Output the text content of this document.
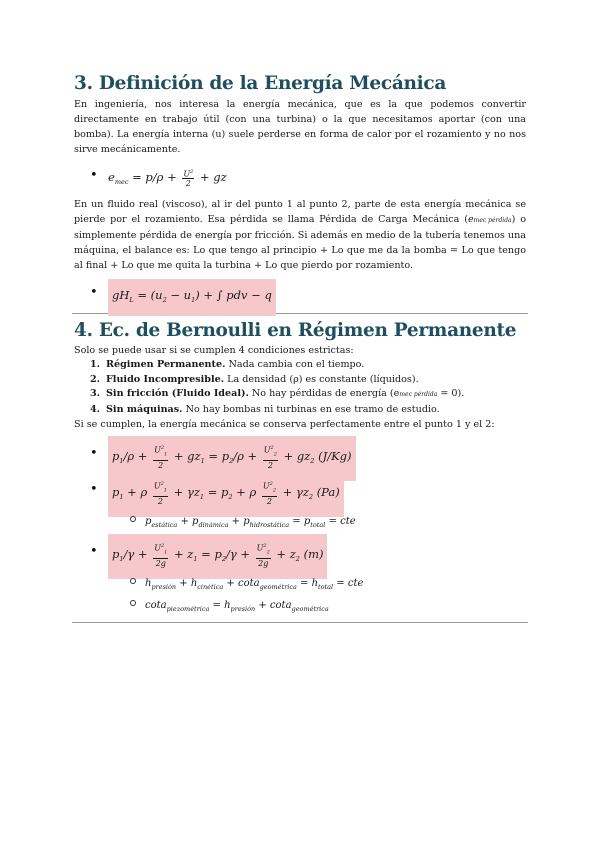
3. Definición de la Energía Mecánica

En ingeniería, nos interesa la energía mecánica, que es la que podemos convertir directamente en trabajo útil (con una turbina) o la que necesitamos aportar (con una bomba). La energía interna (u) suele perderse en forma de calor por el rozamiento y no nos sirve mecánicamente.

• $e_{mec} = p/\rho + \frac{U^2}{2}$ + gz

En un fluido real (viscoso), al ir del punto 1 al punto 2, parte de esta energía mecánica se pierde por el rozamiento. Esa pérdida se llama Pérdida de Carga Mecánica (emec pérdida) o simplemente pérdida de energía por fricción. Si además en medio de la tubería tenemos una máquina, el balance es: Lo que tengo al principio + Lo que me da la bomba = Lo que tengo al final + Lo que me quita la turbina + Lo que pierdo por rozamiento.

• $gH_L = (u_2 - u_1)$ + ∫ pdv − q
4. Ec. de Bernoulli en Régimen Permanente

Solo se puede usar si se cumplen 4 condiciones estrictas:

1. Régimen Permanente. Nada cambia con el tiempo.
2. Fluido Incompresible. La densidad (ρ) es constante (líquidos).
3. Sin fricción (Fluido Ideal). No hay pérdidas de energía (emec pérdida = 0).
4. Sin máquinas. No hay bombas ni turbinas en ese tramo de estudio.

Si se cumplen, la energía mecánica se conserva perfectamente entre el punto 1 y el 2:

• $p_1/\rho + \frac{U^2_1}{2} + gz_1 = p_2/\rho + \frac{U^2_2}{2} + gz_2$ (J/Kg)
• $p_1 + \rho \frac{U^2_1}{2} + \gamma z_1 = p_2 + \rho \frac{U^2_2}{2} + \gamma z_2$ (Pa)
$p_{estática} + p_{dinámica} + p_{hidrostática} = p_{total}$ = cte
• $p_1/\gamma + \frac{U^2_1}{2g} + z_1 = p_2/\gamma + \frac{U^2_2}{2g} + z_2$ (m)
$h_{presión} + h_{cinética} + \cot a_{geométrica} = h_{total}$ = cte
$\cot a_{piezométrica} = h_{presión} + \cot a_{geométrica}$
